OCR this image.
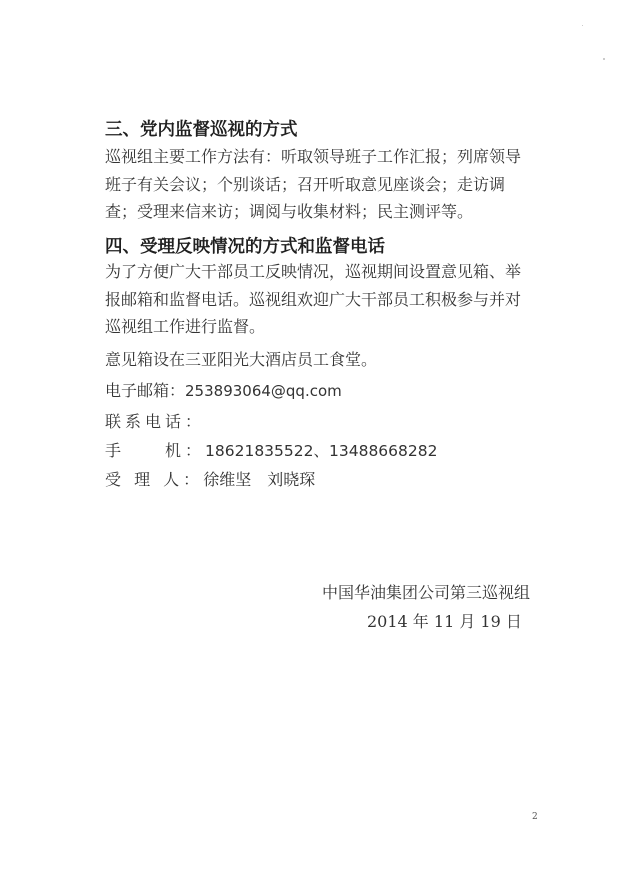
三、党内监督巡视的方式
巡视组主要工作方法有：听取领导班子工作汇报；列席领导班子有关会议；个别谈话；召开听取意见座谈会；走访调查；受理来信来访；调阅与收集材料；民主测评等。
四、受理反映情况的方式和监督电话
为了方便广大干部员工反映情况，巡视期间设置意见箱、举报邮箱和监督电话。巡视组欢迎广大干部员工积极参与并对巡视组工作进行监督。
意见箱设在三亚阳光大酒店员工食堂。
电子邮箱：253893064@qq.com
联系电话：
手　　机：18621835522、13488668282
受 理 人：徐维坚 刘晓琛
中国华油集团公司第三巡视组
2014 年 11 月 19 日
2
